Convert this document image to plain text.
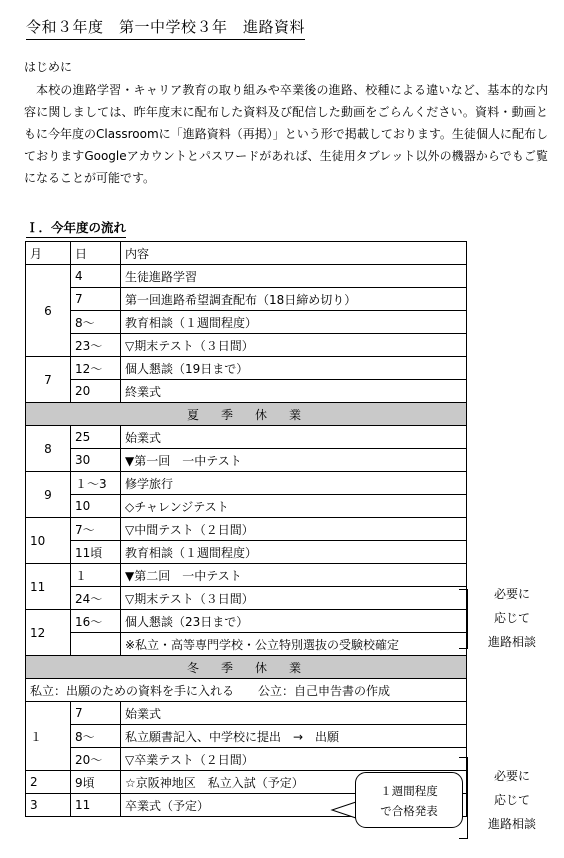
令和３年度　第一中学校３年　進路資料
はじめに

本校の進路学習・キャリア教育の取り組みや卒業後の進路、校種による違いなど、基本的な内容に関しましては、昨年度末に配布した資料及び配信した動画をごらんください。資料・動画ともに今年度のClassroomに「進路資料（再掲）」という形で掲載しております。生徒個人に配布しておりますGoogleアカウントとパスワードがあれば、生徒用タブレット以外の機器からでもご覧になることが可能です。

Ｉ．今年度の流れ
月	日	内容
6	4	生徒進路学習
	7	第一回進路希望調査配布（18日締め切り）
	8～	教育相談（１週間程度）
	23～	▽期末テスト（３日間）
7	12～	個人懇談（19日まで）
	20	終業式
夏季休業		
8	25	始業式
	30	▼第一回　一中テスト
9	１～3	修学旅行
	10	◇チャレンジテスト
10	7～	▽中間テスト（２日間）
	11頃	教育相談（１週間程度）
11	１	▼第二回　一中テスト
	24～	▽期末テスト（３日間）
12	16～	個人懇談（23日まで）
		※私立・高等専門学校・公立特別選抜の受験校確定
冬季休業		
私立：出願のための資料を手に入れる　　公立：自己申告書の作成		
１	7	始業式
	8～	私立願書記入、中学校に提出　→　出願
	20～	▽卒業テスト（２日間）
2	9頃	☆京阪神地区　私立入試（予定）
3	11	卒業式（予定）
必要に
応じて
進路相談
必要に
応じて
進路相談
１週間程度
で合格発表
